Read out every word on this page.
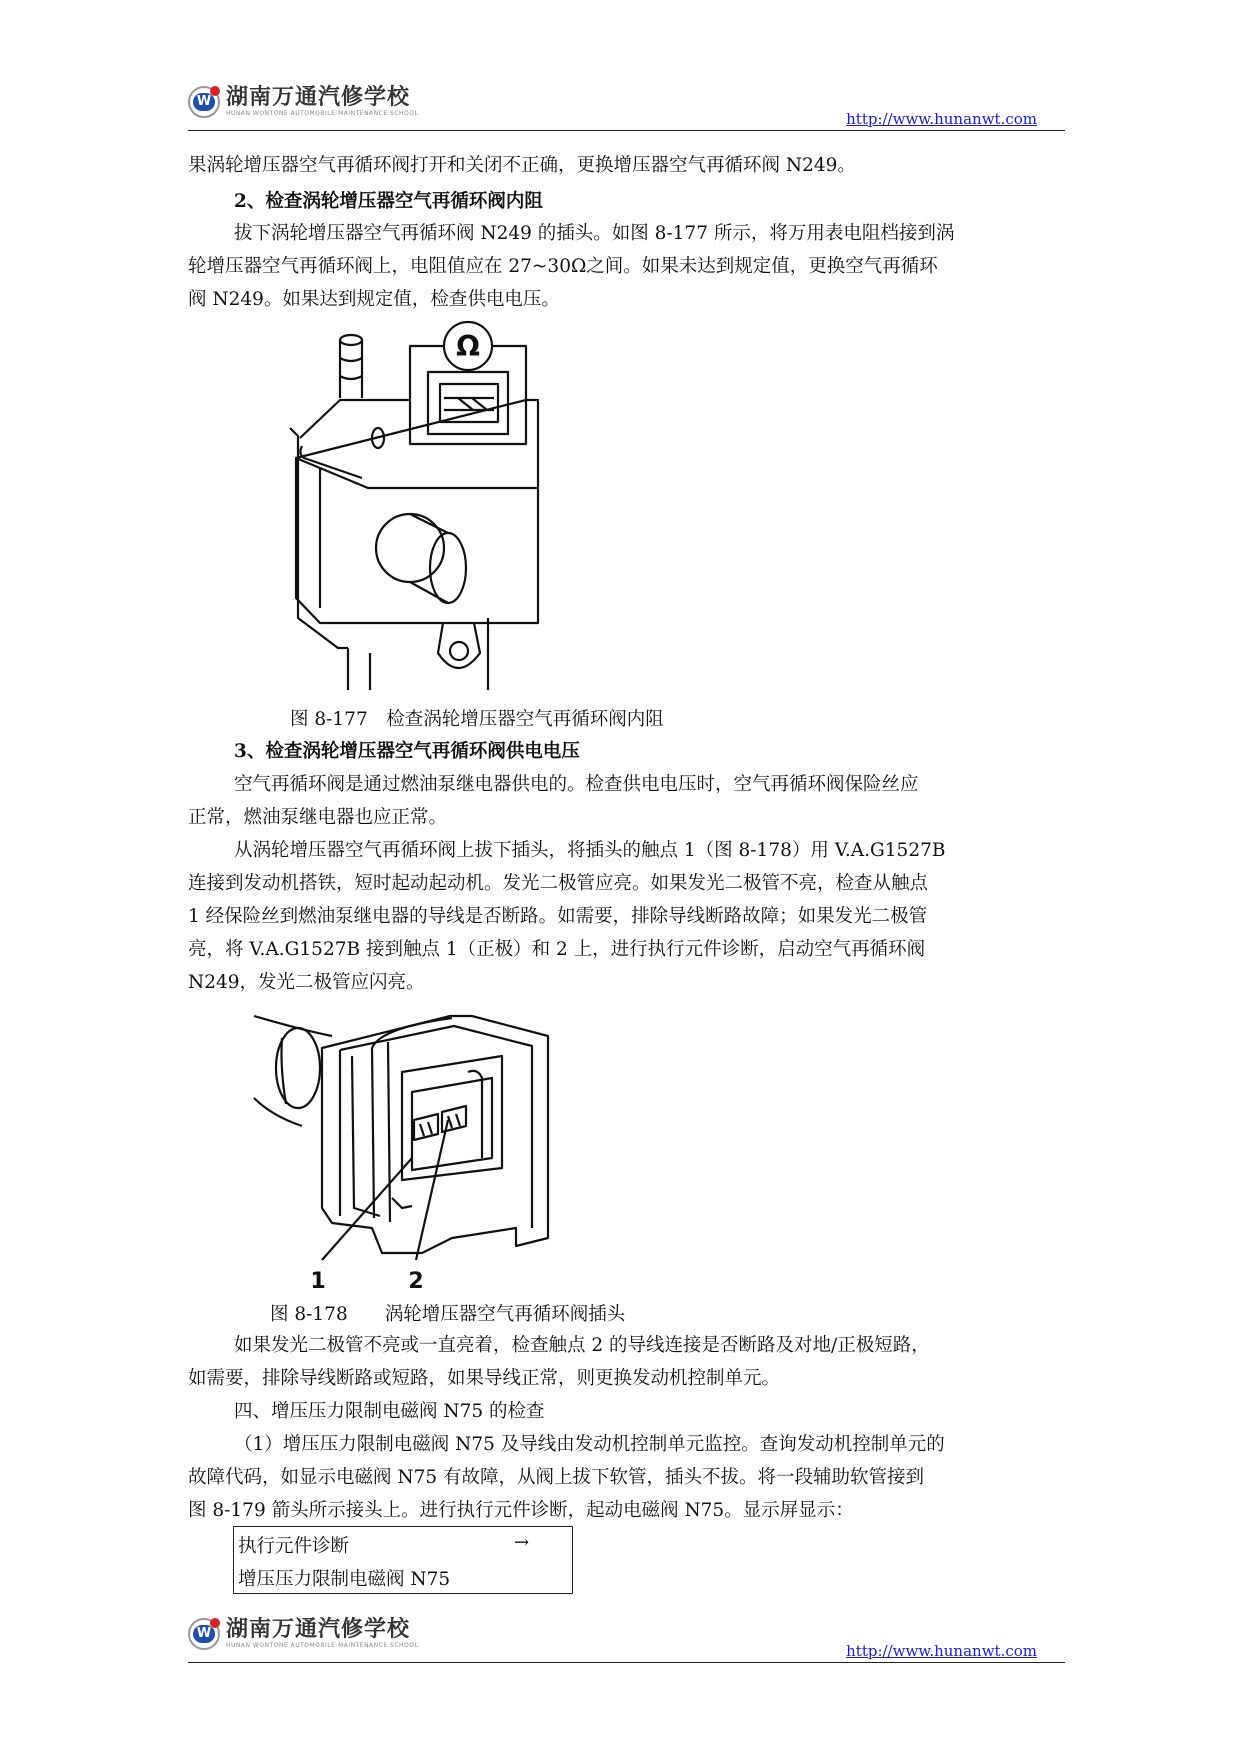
W 湖南万通汽修学校
HUNAN WONTONE AUTOMOBILE-MAINTENANCE SCHOOL	http://www.hunanwt.com
果涡轮增压器空气再循环阀打开和关闭不正确，更换增压器空气再循环阀 N249。
2、检查涡轮增压器空气再循环阀内阻
拔下涡轮增压器空气再循环阀 N249 的插头。如图 8-177 所示，将万用表电阻档接到涡
轮增压器空气再循环阀上，电阻值应在 27~30Ω之间。如果未达到规定值，更换空气再循环
阀 N249。如果达到规定值，检查供电电压。
Ω
图 8-177　检查涡轮增压器空气再循环阀内阻
3、检查涡轮增压器空气再循环阀供电电压
空气再循环阀是通过燃油泵继电器供电的。检查供电电压时，空气再循环阀保险丝应
正常，燃油泵继电器也应正常。
从涡轮增压器空气再循环阀上拔下插头，将插头的触点 1（图 8-178）用 V.A.G1527B
连接到发动机搭铁，短时起动起动机。发光二极管应亮。如果发光二极管不亮，检查从触点
1 经保险丝到燃油泵继电器的导线是否断路。如需要，排除导线断路故障；如果发光二极管
亮，将 V.A.G1527B 接到触点 1（正极）和 2 上，进行执行元件诊断，启动空气再循环阀
N249，发光二极管应闪亮。
1	2
图 8-178　　涡轮增压器空气再循环阀插头
如果发光二极管不亮或一直亮着，检查触点 2 的导线连接是否断路及对地/正极短路，
如需要，排除导线断路或短路，如果导线正常，则更换发动机控制单元。
四、增压压力限制电磁阀 N75 的检查
（1）增压压力限制电磁阀 N75 及导线由发动机控制单元监控。查询发动机控制单元的
故障代码，如显示电磁阀 N75 有故障，从阀上拔下软管，插头不拔。将一段辅助软管接到
图 8-179 箭头所示接头上。进行执行元件诊断，起动电磁阀 N75。显示屏显示：
执行元件诊断	→
增压压力限制电磁阀 N75
W 湖南万通汽修学校
HUNAN WONTONE AUTOMOBILE-MAINTENANCE SCHOOL	http://www.hunanwt.com
